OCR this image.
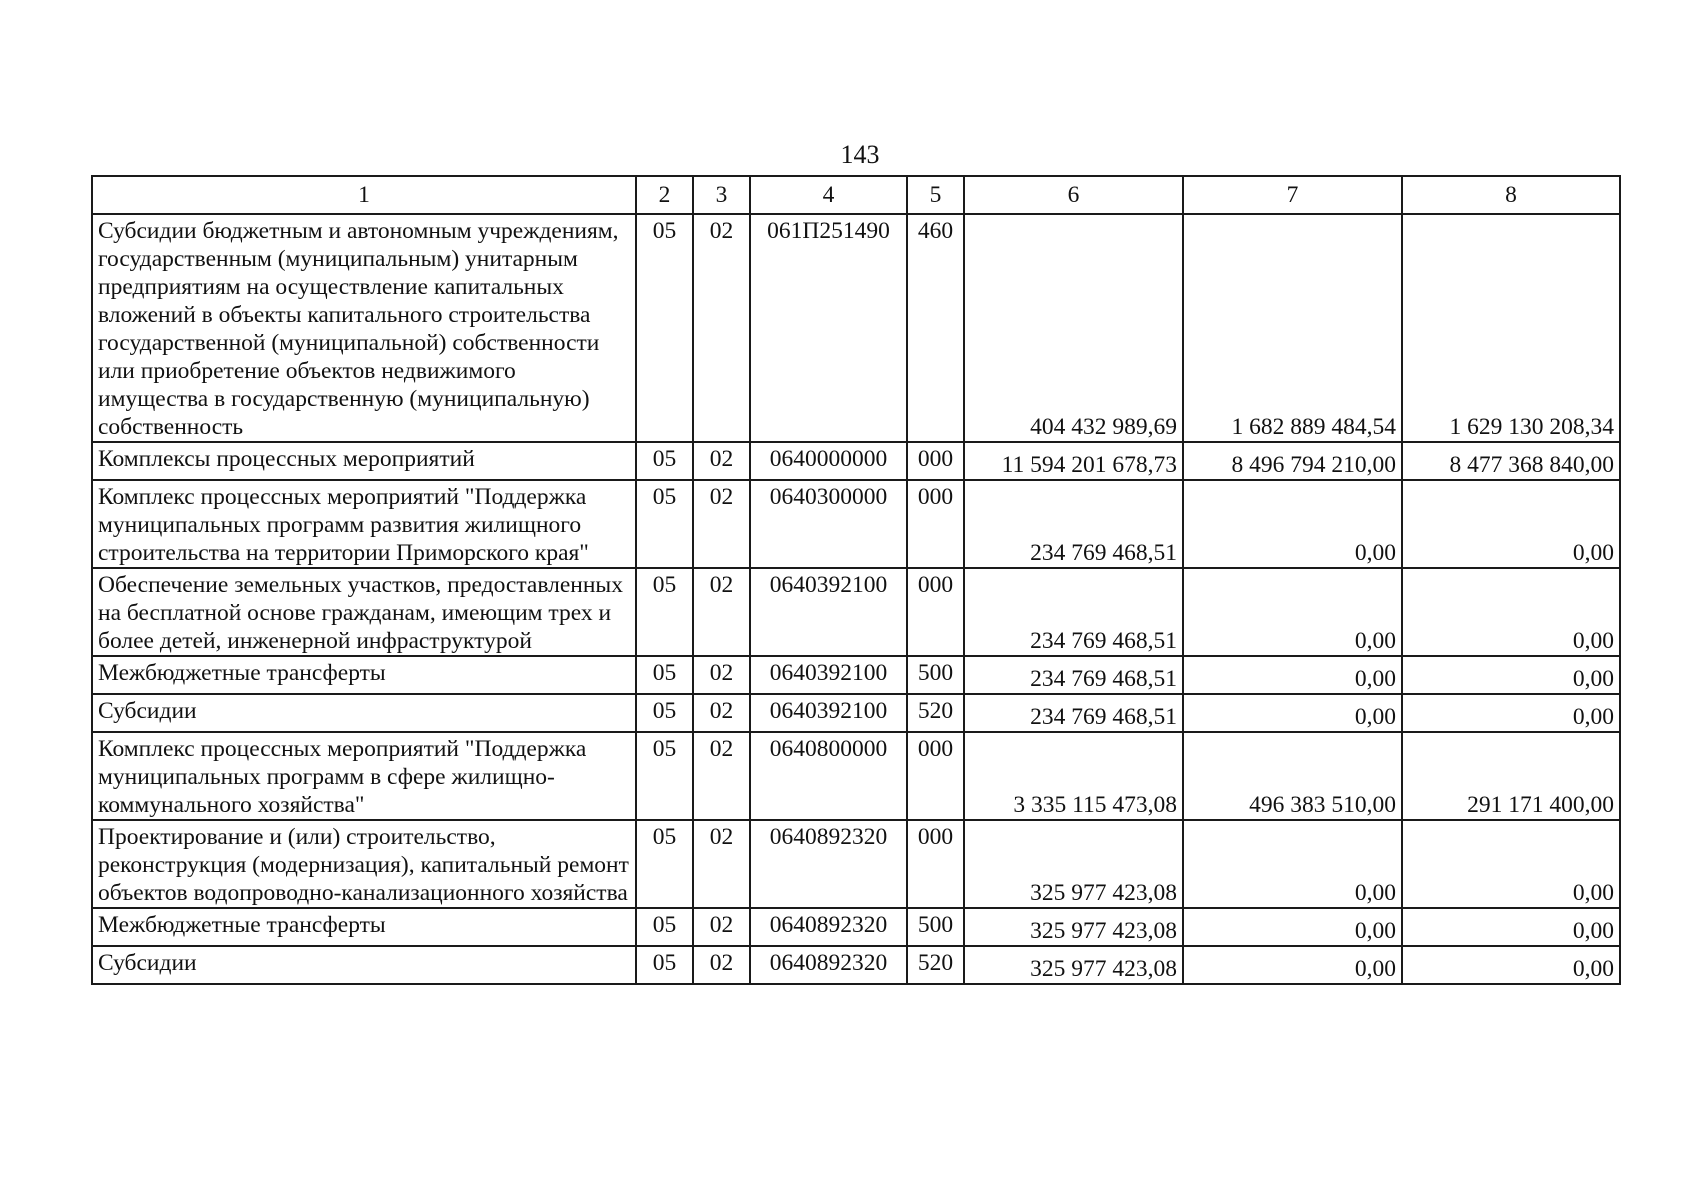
143
1	2	3	4	5	6	7	8
Субсидии бюджетным и автономным учреждениям, государственным (муниципальным) унитарным предприятиям на осуществление капитальных вложений в объекты капитального строительства государственной (муниципальной) собственности или приобретение объектов недвижимого имущества в государственную (муниципальную) собственность	05	02	061П251490	460	404 432 989,69	1 682 889 484,54	1 629 130 208,34
Комплексы процессных мероприятий	05	02	0640000000	000	11 594 201 678,73	8 496 794 210,00	8 477 368 840,00
Комплекс процессных мероприятий "Поддержка муниципальных программ развития жилищного строительства на территории Приморского края"	05	02	0640300000	000	234 769 468,51	0,00	0,00
Обеспечение земельных участков, предоставленных на бесплатной основе гражданам, имеющим трех и более детей, инженерной инфраструктурой	05	02	0640392100	000	234 769 468,51	0,00	0,00
Межбюджетные трансферты	05	02	0640392100	500	234 769 468,51	0,00	0,00
Субсидии	05	02	0640392100	520	234 769 468,51	0,00	0,00
Комплекс процессных мероприятий "Поддержка муниципальных программ в сфере жилищно-коммунального хозяйства"	05	02	0640800000	000	3 335 115 473,08	496 383 510,00	291 171 400,00
Проектирование и (или) строительство, реконструкция (модернизация), капитальный ремонт объектов водопроводно-канализационного хозяйства	05	02	0640892320	000	325 977 423,08	0,00	0,00
Межбюджетные трансферты	05	02	0640892320	500	325 977 423,08	0,00	0,00
Субсидии	05	02	0640892320	520	325 977 423,08	0,00	0,00
